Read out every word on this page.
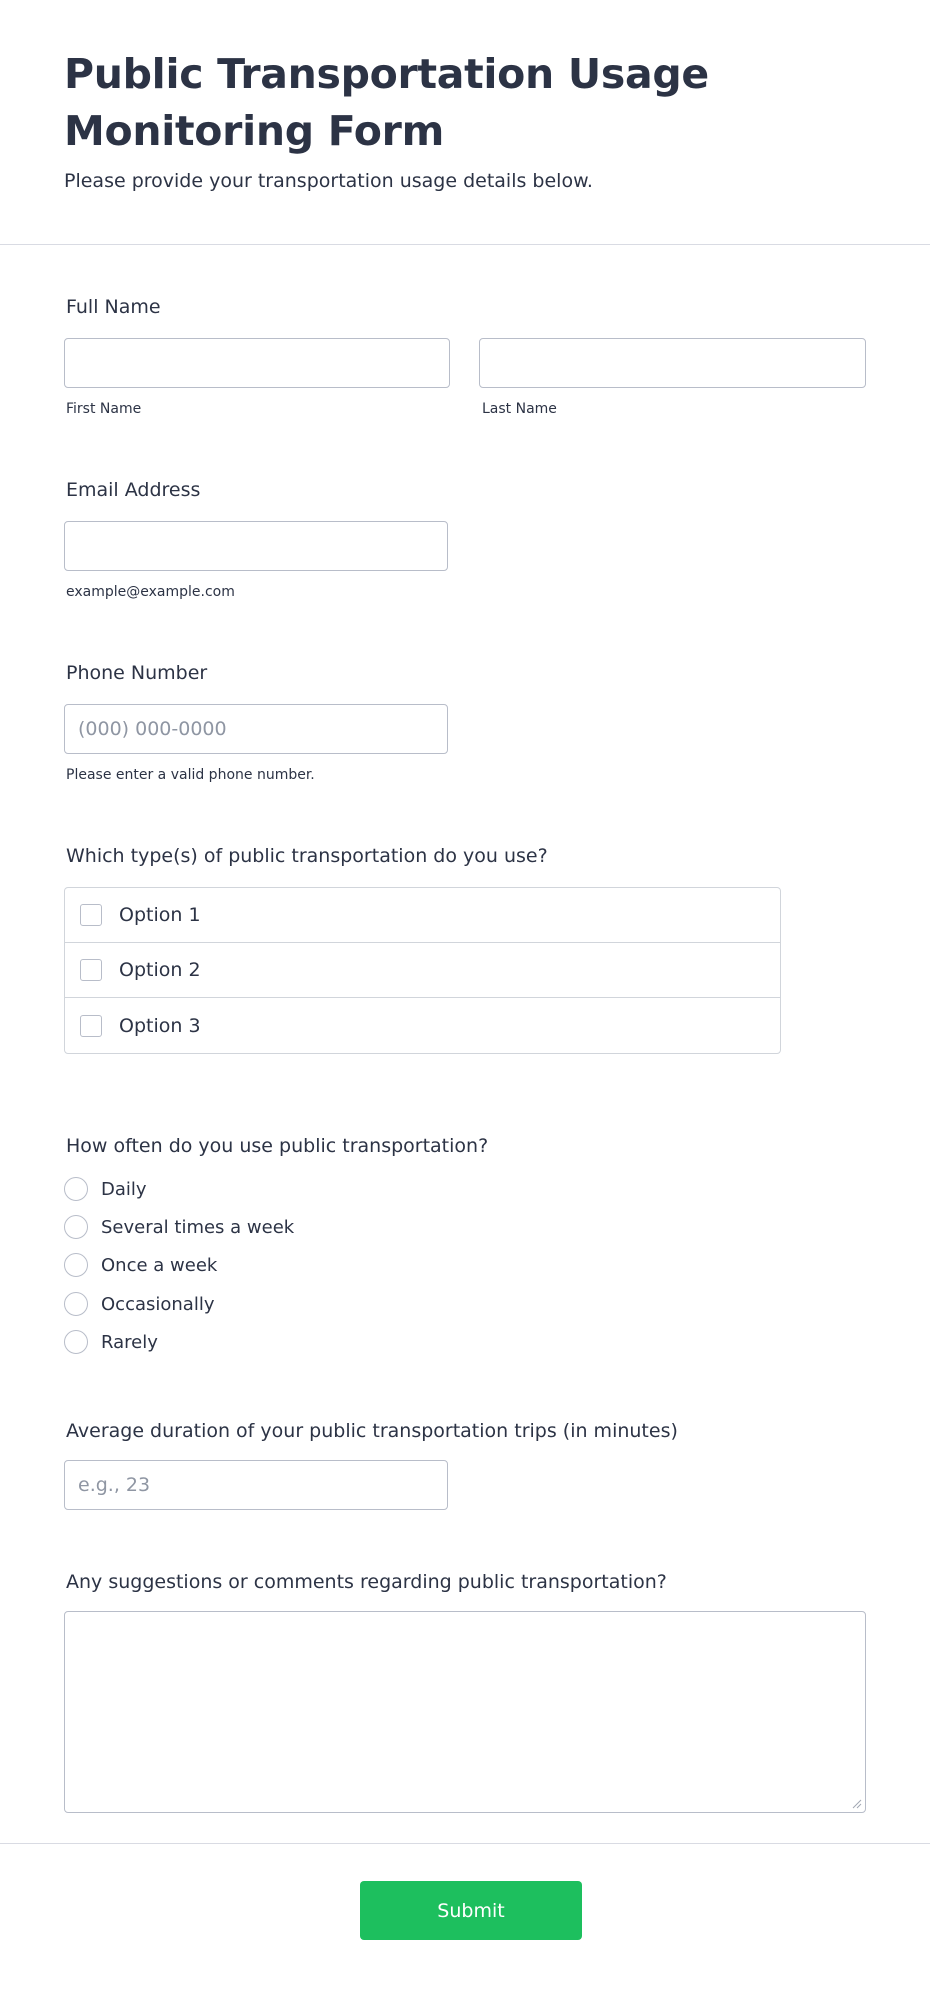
Public Transportation Usage Monitoring Form

Please provide your transportation usage details below.

Full Name
First Name	Last Name
Email Address
example@example.com
Phone Number
(000) 000-0000
Please enter a valid phone number.
Which type(s) of public transportation do you use?
Option 1
Option 2
Option 3
How often do you use public transportation?
Daily
Several times a week
Once a week
Occasionally
Rarely
Average duration of your public transportation trips (in minutes)
e.g., 23
Any suggestions or comments regarding public transportation?
Submit
